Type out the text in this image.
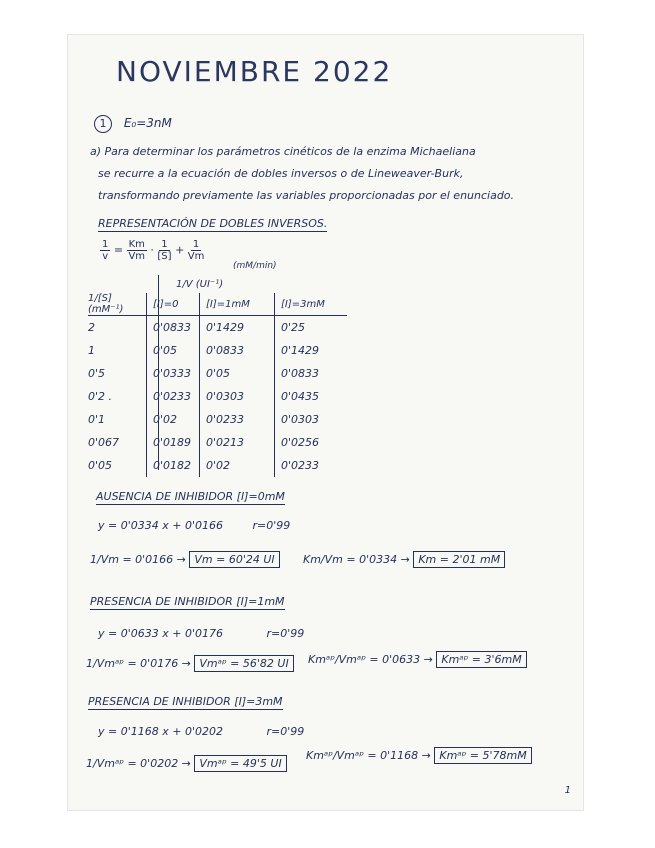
NOVIEMBRE 2022
1 E₀=3nM
a) Para determinar los parámetros cinéticos de la enzima Michaeliana
se recurre a la ecuación de dobles inversos o de Lineweaver-Burk,
transformando previamente las variables proporcionadas por el enunciado.
REPRESENTACIÓN DE DOBLES INVERSOS.
$\frac{1}{v} = \frac{Km}{Vm} \cdot \frac{1}{[S]} + \frac{1}{Vm}$
(mM/min)
1/V (UI⁻¹)
1/[S] (mM⁻¹)	[I]=0	[I]=1mM	[I]=3mM
2	0'0833	0'1429	0'25
1	0'05	0'0833	0'1429
0'5	0'0333	0'05	0'0833
0'2 .	0'0233	0'0303	0'0435
0'1	0'02	0'0233	0'0303
0'067	0'0189	0'0213	0'0256
0'05	0'0182	0'02	0'0233
AUSENCIA DE INHIBIDOR [I]=0mM
y = 0'0334 x + 0'0166	r=0'99
1/Vm = 0'0166 → Vm = 60'24 UI	Km/Vm = 0'0334 → Km = 2'01 mM
PRESENCIA DE INHIBIDOR [I]=1mM
y = 0'0633 x + 0'0176	r=0'99
1/Vmᵃᵖ = 0'0176 → Vmᵃᵖ = 56'82 UI	Kmᵃᵖ/Vmᵃᵖ = 0'0633 → Kmᵃᵖ = 3'6mM
PRESENCIA DE INHIBIDOR [I]=3mM
y = 0'1168 x + 0'0202	r=0'99
1/Vmᵃᵖ = 0'0202 → Vmᵃᵖ = 49'5 UI
Kmᵃᵖ/Vmᵃᵖ = 0'1168 → Kmᵃᵖ = 5'78mM
1
